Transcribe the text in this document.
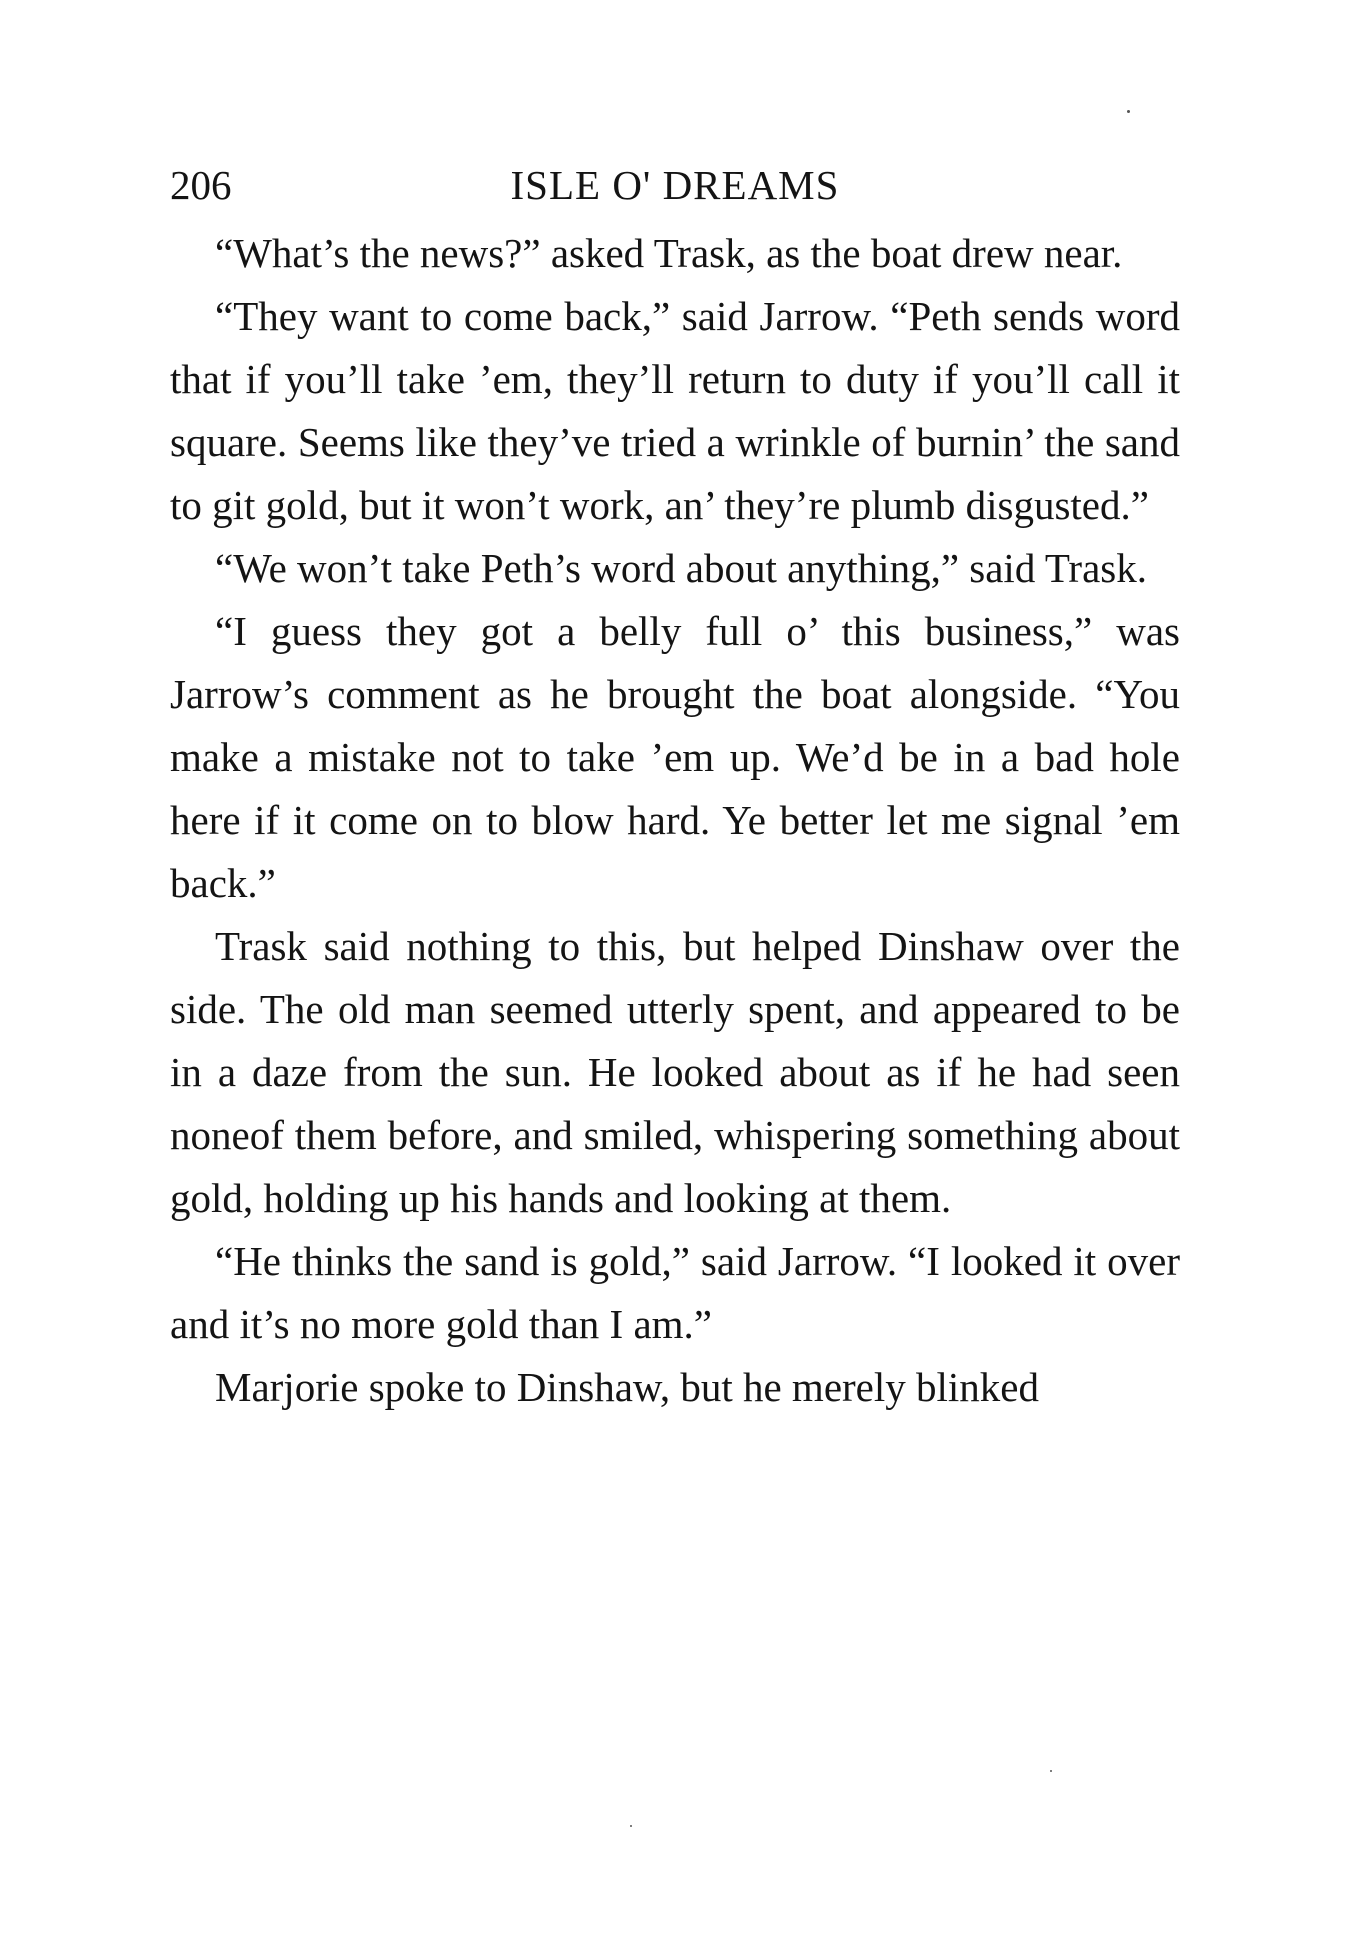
206	ISLE O' DREAMS

“What’s the news?” asked Trask, as the boat drew near.

“They want to come back,” said Jarrow. “Peth sends word that if you’ll take ’em, they’ll return to duty if you’ll call it square. Seems like they’ve tried a wrinkle of burnin’ the sand to git gold, but it won’t work, an’ they’re plumb disgusted.”

“We won’t take Peth’s word about anything,” said Trask.

“I guess they got a belly full o’ this business,” was Jarrow’s comment as he brought the boat alongside. “You make a mistake not to take ’em up. We’d be in a bad hole here if it come on to blow hard. Ye better let me signal ’em back.”

Trask said nothing to this, but helped Dinshaw over the side. The old man seemed utterly spent, and appeared to be in a daze from the sun. He looked about as if he had seen noneof them before, and smiled, whispering something about gold, holding up his hands and looking at them.

“He thinks the sand is gold,” said Jarrow. “I looked it over and it’s no more gold than I am.”

Marjorie spoke to Dinshaw, but he merely blinked
